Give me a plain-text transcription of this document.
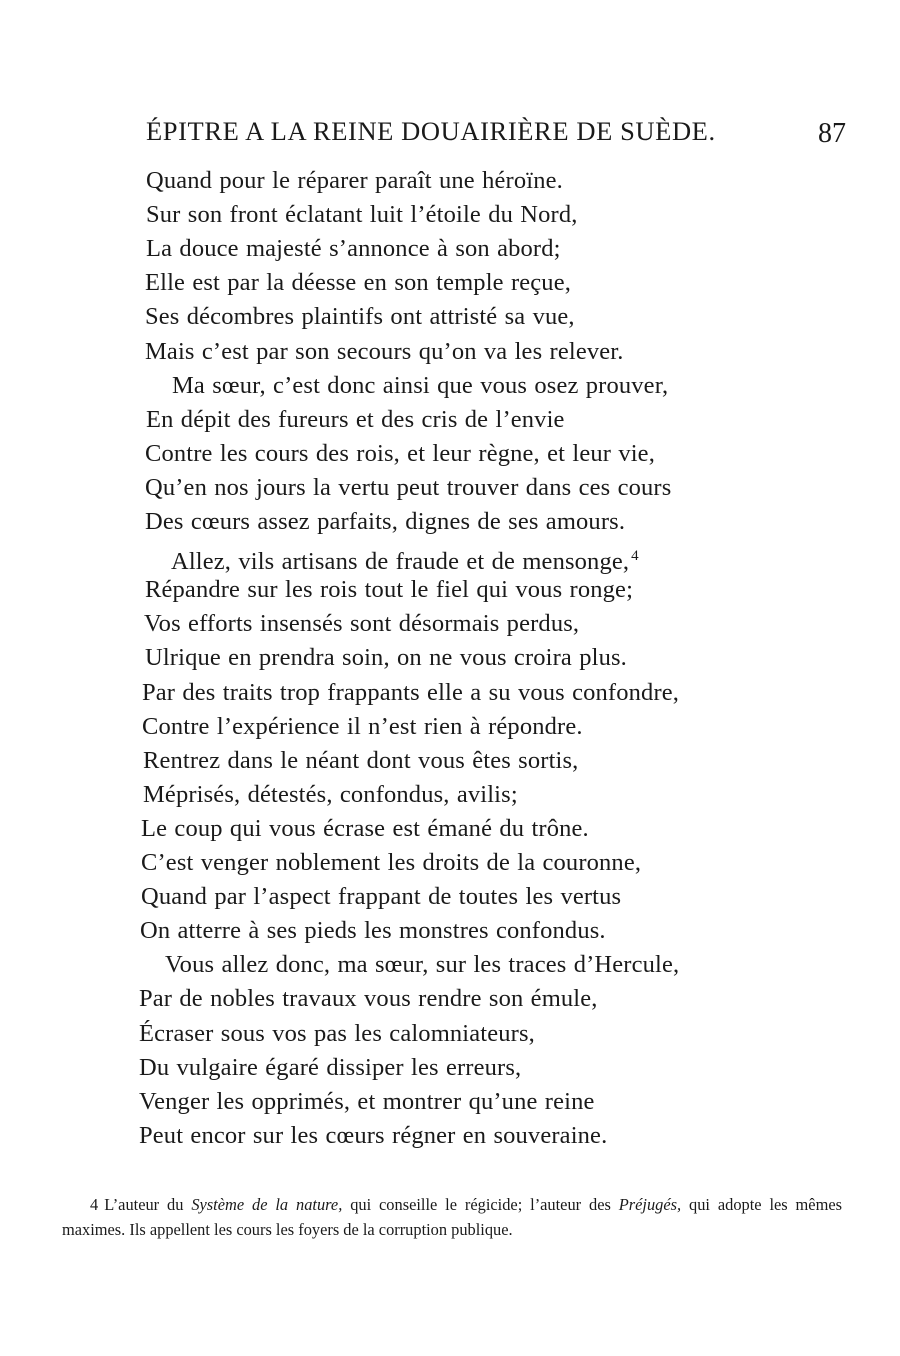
ÉPITRE A LA REINE DOUAIRIÈRE DE SUÈDE.	87
Quand pour le réparer paraît une héroïne.
Sur son front éclatant luit l’étoile du Nord,
La douce majesté s’annonce à son abord;
Elle est par la déesse en son temple reçue,
Ses décombres plaintifs ont attristé sa vue,
Mais c’est par son secours qu’on va les relever.
Ma sœur, c’est donc ainsi que vous osez prouver,
En dépit des fureurs et des cris de l’envie
Contre les cours des rois, et leur règne, et leur vie,
Qu’en nos jours la vertu peut trouver dans ces cours
Des cœurs assez parfaits, dignes de ses amours.
Allez, vils artisans de fraude et de mensonge, $^4$
Répandre sur les rois tout le fiel qui vous ronge;
Vos efforts insensés sont désormais perdus,
Ulrique en prendra soin, on ne vous croira plus.
Par des traits trop frappants elle a su vous confondre,
Contre l’expérience il n’est rien à répondre.
Rentrez dans le néant dont vous êtes sortis,
Méprisés, détestés, confondus, avilis;
Le coup qui vous écrase est émané du trône.
C’est venger noblement les droits de la couronne,
Quand par l’aspect frappant de toutes les vertus
On atterre à ses pieds les monstres confondus.
Vous allez donc, ma sœur, sur les traces d’Hercule,
Par de nobles travaux vous rendre son émule,
Écraser sous vos pas les calomniateurs,
Du vulgaire égaré dissiper les erreurs,
Venger les opprimés, et montrer qu’une reine
Peut encor sur les cœurs régner en souveraine.
4 L’auteur du Système de la nature, qui conseille le régicide; l’auteur des Préjugés, qui adopte les mêmes maximes. Ils appellent les cours les foyers de la corruption publique.
